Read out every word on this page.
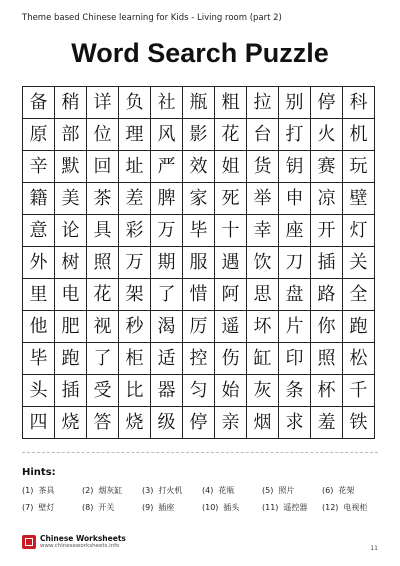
Theme based Chinese learning for Kids - Living room (part 2)
Word Search Puzzle
备 稍 详 负 社 瓶 粗 拉 别 停 科
原 部 位 理 风 影 花 台 打 火 机
辛 默 回 址 严 效 姐 货 钥 赛 玩
籍 美 茶 差 脾 家 死 举 申 凉 壁
意 论 具 彩 万 毕 十 幸 座 开 灯
外 树 照 万 期 服 遇 饮 刀 插 关
里 电 花 架 了 惜 阿 思 盘 路 全
他 肥 视 秒 渴 厉 遥 坏 片 你 跑
毕 跑 了 柜 适 控 伤 缸 印 照 松
头 插 受 比 器 匀 始 灰 条 杯 千
四 烧 答 烧 级 停 亲 烟 求 羞 铁
Hints:
(1) 茶具	(2) 烟灰缸	(3) 打火机	(4) 花瓶	(5) 照片	(6) 花架
(7) 壁灯	(8) 开关	(9) 插座	(10) 插头	(11) 遥控器	(12) 电视柜
Chinese Worksheets
www.chineseworksheets.info	11
